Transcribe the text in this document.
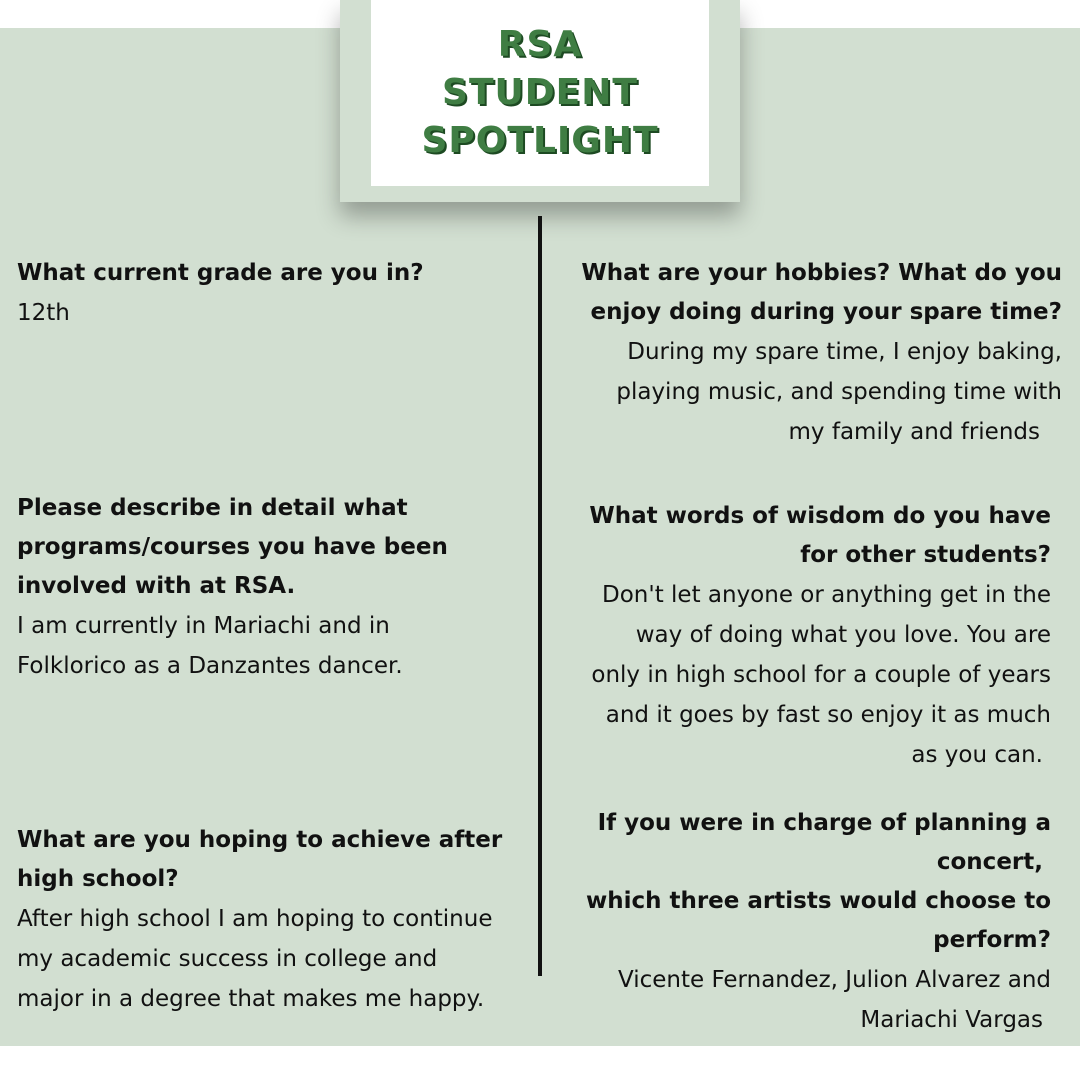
RSA
STUDENT
SPOTLIGHT
What current grade are you in?
12th
Please describe in detail what
programs/courses you have been
involved with at RSA.
I am currently in Mariachi and in
Folklorico as a Danzantes dancer.
What are you hoping to achieve after
high school?
After high school I am hoping to continue
my academic success in college and
major in a degree that makes me happy.
What are your hobbies? What do you
enjoy doing during your spare time?
During my spare time, I enjoy baking,
playing music, and spending time with
my family and friends
What words of wisdom do you have
for other students?
Don't let anyone or anything get in the
way of doing what you love. You are
only in high school for a couple of years
and it goes by fast so enjoy it as much
as you can.
If you were in charge of planning a
concert,
which three artists would choose to
perform?
Vicente Fernandez, Julion Alvarez and
Mariachi Vargas
